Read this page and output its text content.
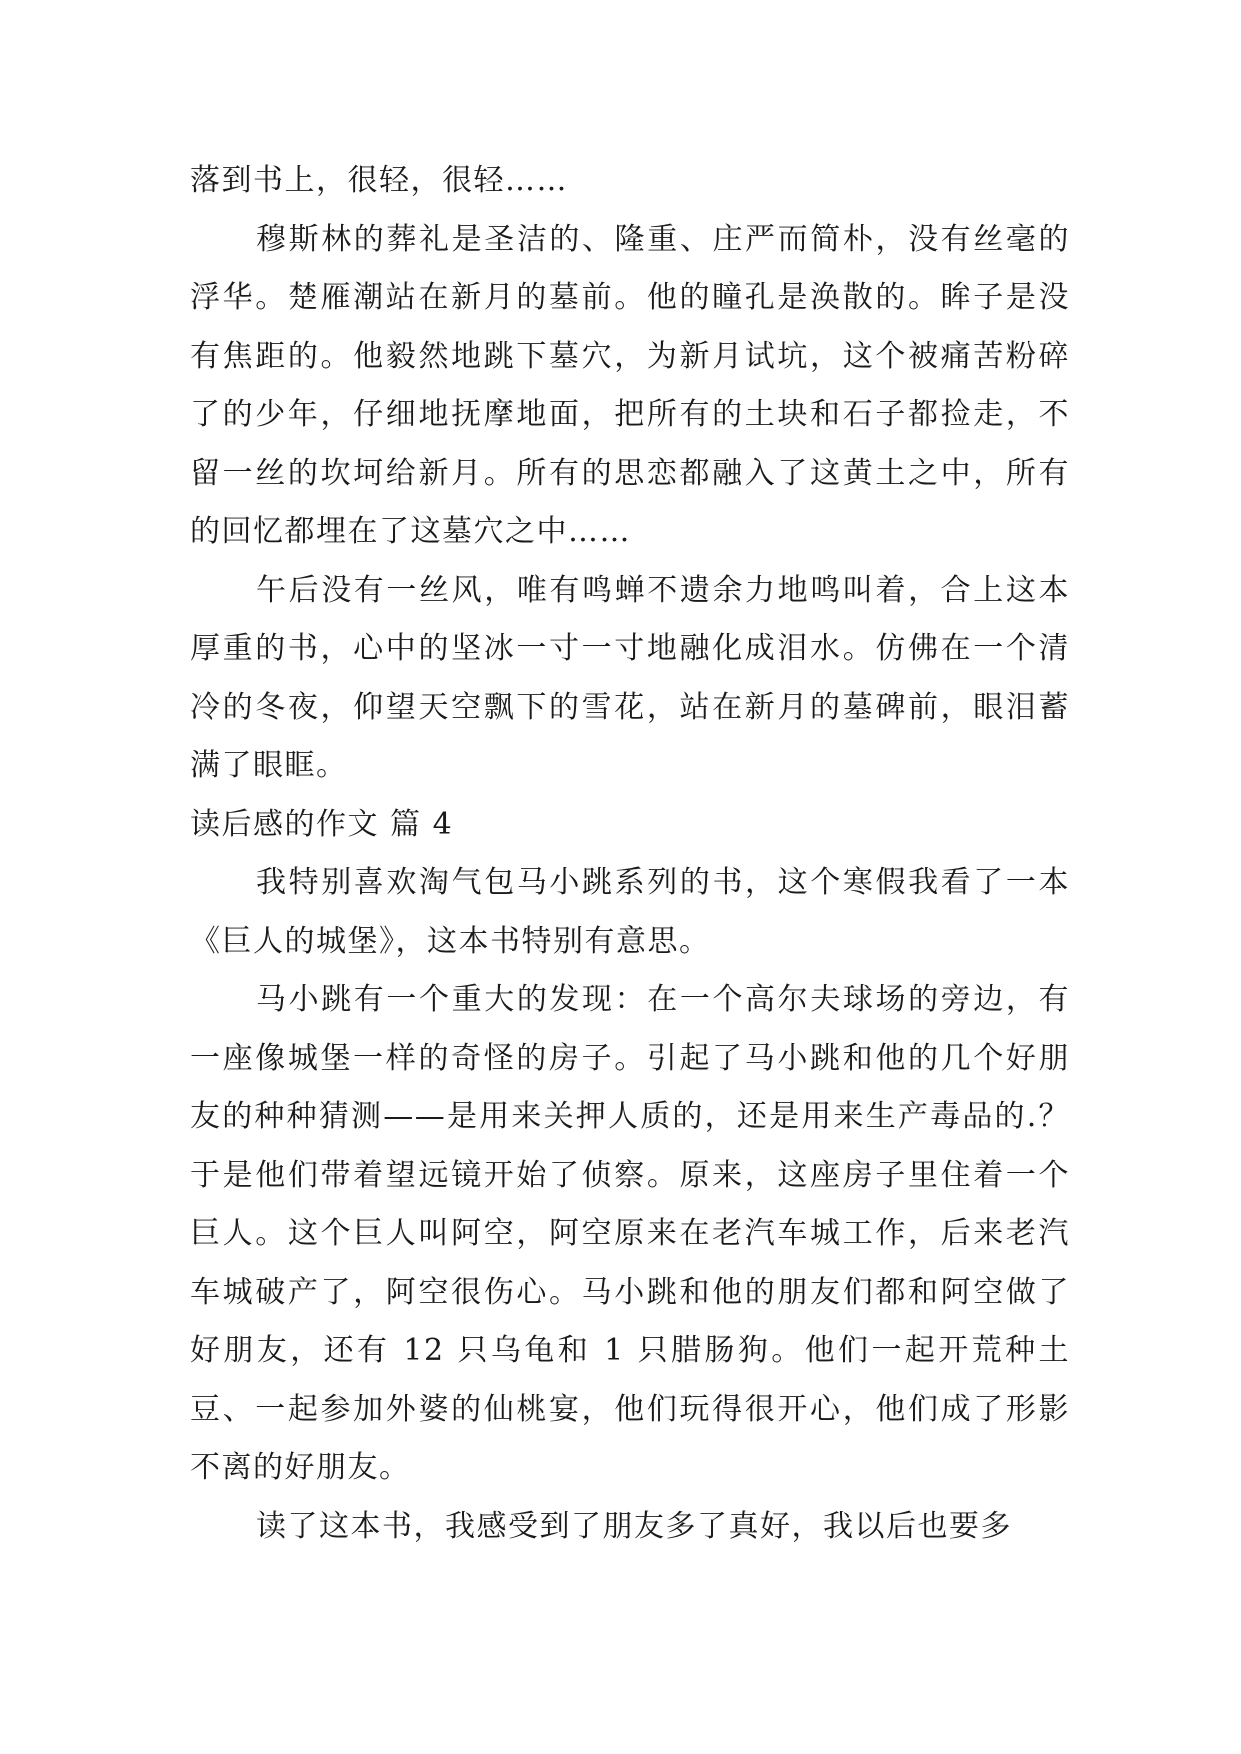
落到书上，很轻，很轻……

穆斯林的葬礼是圣洁的、隆重、庄严而简朴，没有丝毫的浮华。楚雁潮站在新月的墓前。他的瞳孔是涣散的。眸子是没有焦距的。他毅然地跳下墓穴，为新月试坑，这个被痛苦粉碎了的少年，仔细地抚摩地面，把所有的土块和石子都捡走，不留一丝的坎坷给新月。所有的思恋都融入了这黄土之中，所有的回忆都埋在了这墓穴之中……

午后没有一丝风，唯有鸣蝉不遗余力地鸣叫着，合上这本厚重的书，心中的坚冰一寸一寸地融化成泪水。仿佛在一个清冷的冬夜，仰望天空飘下的雪花，站在新月的墓碑前，眼泪蓄满了眼眶。

读后感的作文 篇 4

我特别喜欢淘气包马小跳系列的书，这个寒假我看了一本《巨人的城堡》，这本书特别有意思。

马小跳有一个重大的发现：在一个高尔夫球场的旁边，有一座像城堡一样的奇怪的房子。引起了马小跳和他的几个好朋友的种种猜测——是用来关押人质的，还是用来生产毒品的.？于是他们带着望远镜开始了侦察。原来，这座房子里住着一个巨人。这个巨人叫阿空，阿空原来在老汽车城工作，后来老汽车城破产了，阿空很伤心。马小跳和他的朋友们都和阿空做了好朋友，还有 12 只乌龟和 1 只腊肠狗。他们一起开荒种土豆、一起参加外婆的仙桃宴，他们玩得很开心，他们成了形影不离的好朋友。

读了这本书，我感受到了朋友多了真好，我以后也要多
